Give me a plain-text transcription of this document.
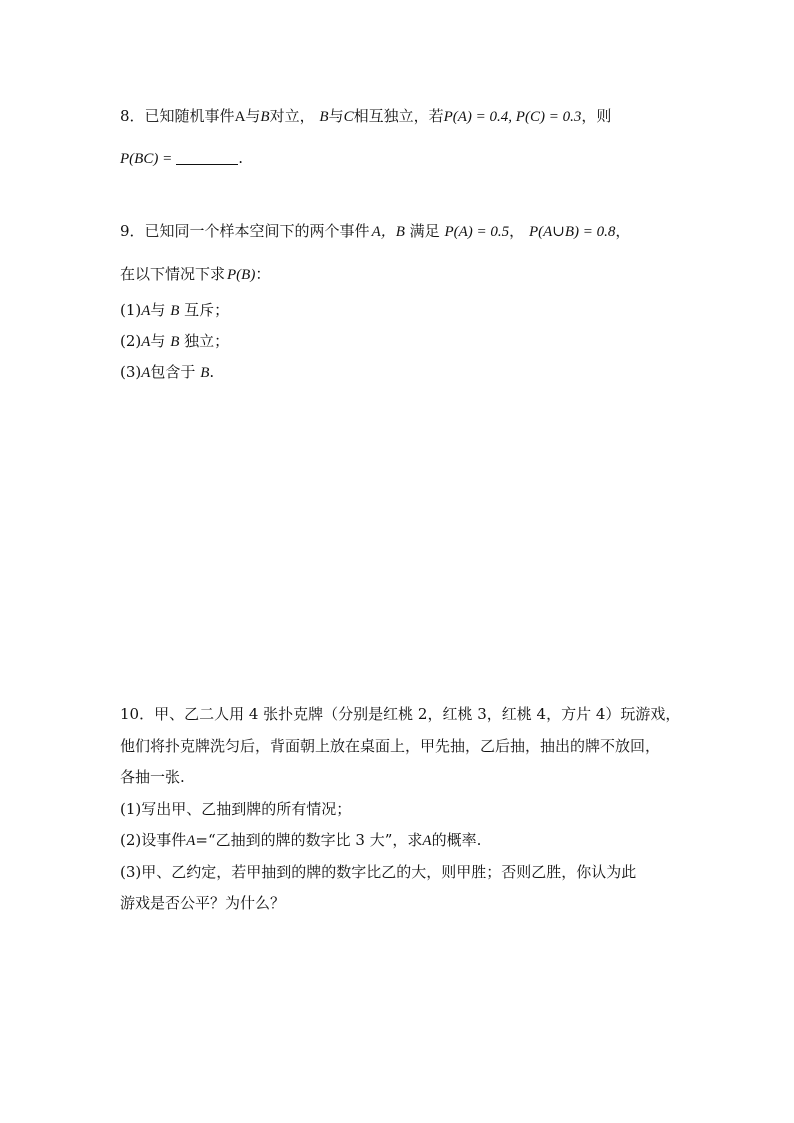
8．已知随机事件A与B对立， B与C相互独立，若P(A) = 0.4, P(C) = 0.3，则
P(BC) =	.
9．已知同一个样本空间下的两个事件 A，B 满足 P(A) = 0.5， P(A∪B) = 0.8，
在以下情况下求 P(B)：
(1)A与 B 互斥；
(2)A与 B 独立；
(3)A包含于 B.
10．甲、乙二人用 4 张扑克牌（分别是红桃 2，红桃 3，红桃 4，方片 4）玩游戏，
他们将扑克牌洗匀后，背面朝上放在桌面上，甲先抽，乙后抽，抽出的牌不放回，
各抽一张.
(1)写出甲、乙抽到牌的所有情况；
(2)设事件A=“乙抽到的牌的数字比 3 大”，求A的概率.
(3)甲、乙约定，若甲抽到的牌的数字比乙的大，则甲胜；否则乙胜，你认为此
游戏是否公平？为什么？
